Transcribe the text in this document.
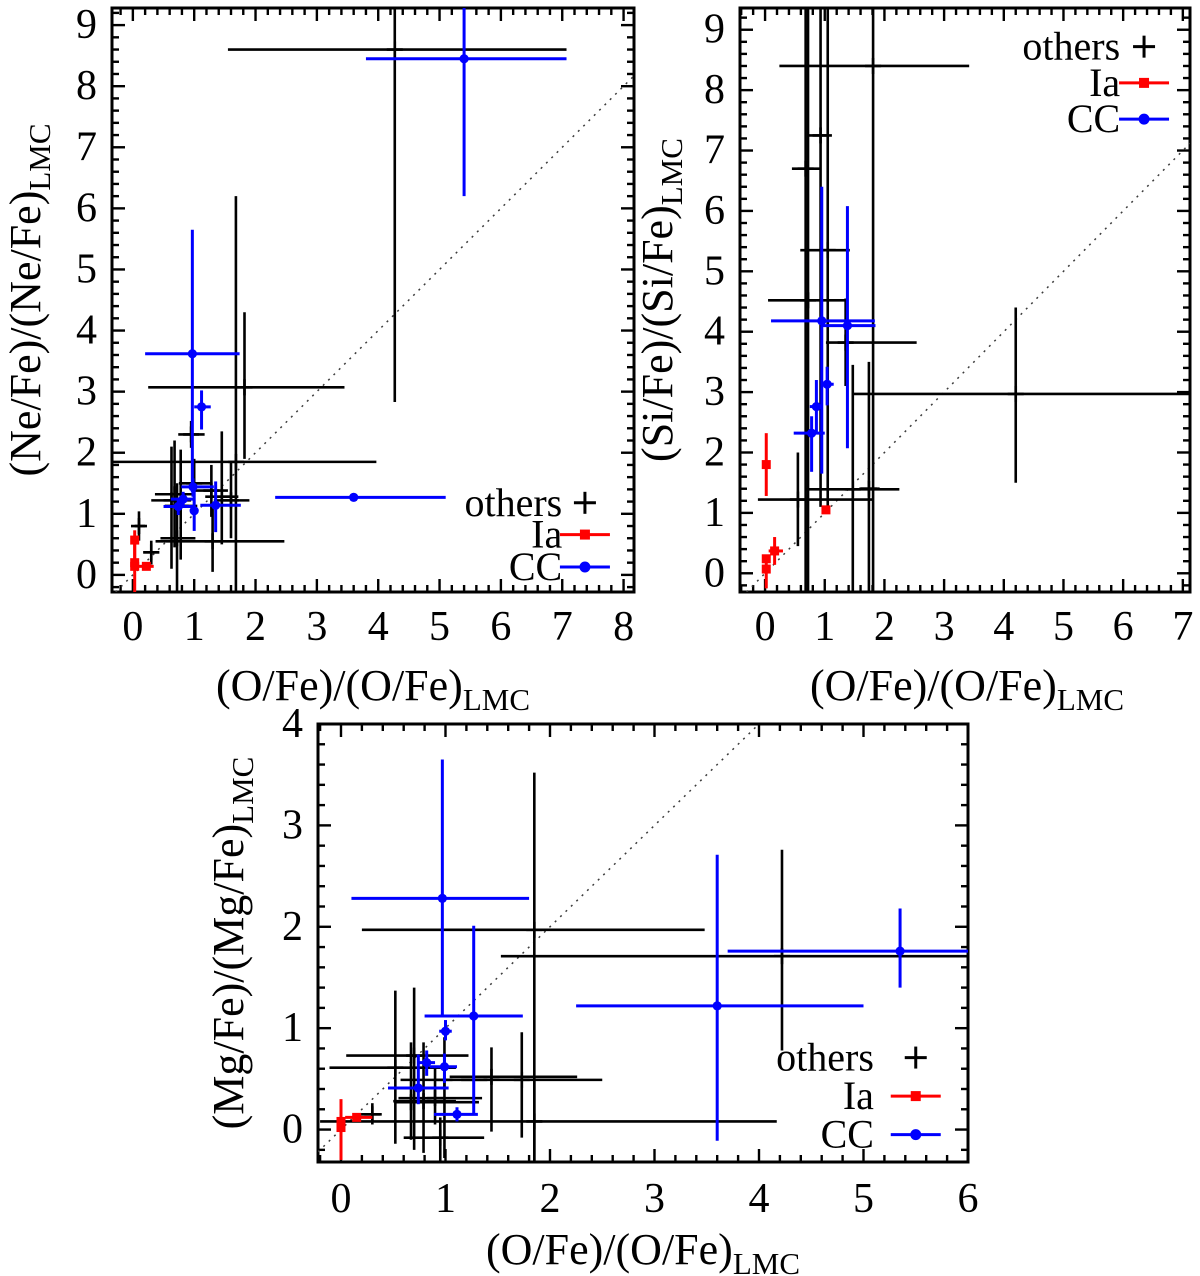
0 1 2 3 4 5 6 7 8
0
1
2
3
4
5
6
7
8
9
$(O/Fe)/(O/Fe)_{LMC}$
$(Ne/Fe)/(Ne/Fe)_{LMC}$
others
Ia
CC
0 1 2 3 4 5 6 7
0
1
2
3
4
5
6
7
8
9
$(O/Fe)/(O/Fe)_{LMC}$
$(Si/Fe)/(Si/Fe)_{LMC}$
others
Ia
CC
0 1 2 3 4 5 6
0
1
2
3
4
$(O/Fe)/(O/Fe)_{LMC}$
$(Mg/Fe)/(Mg/Fe)_{LMC}$
others
Ia
CC
